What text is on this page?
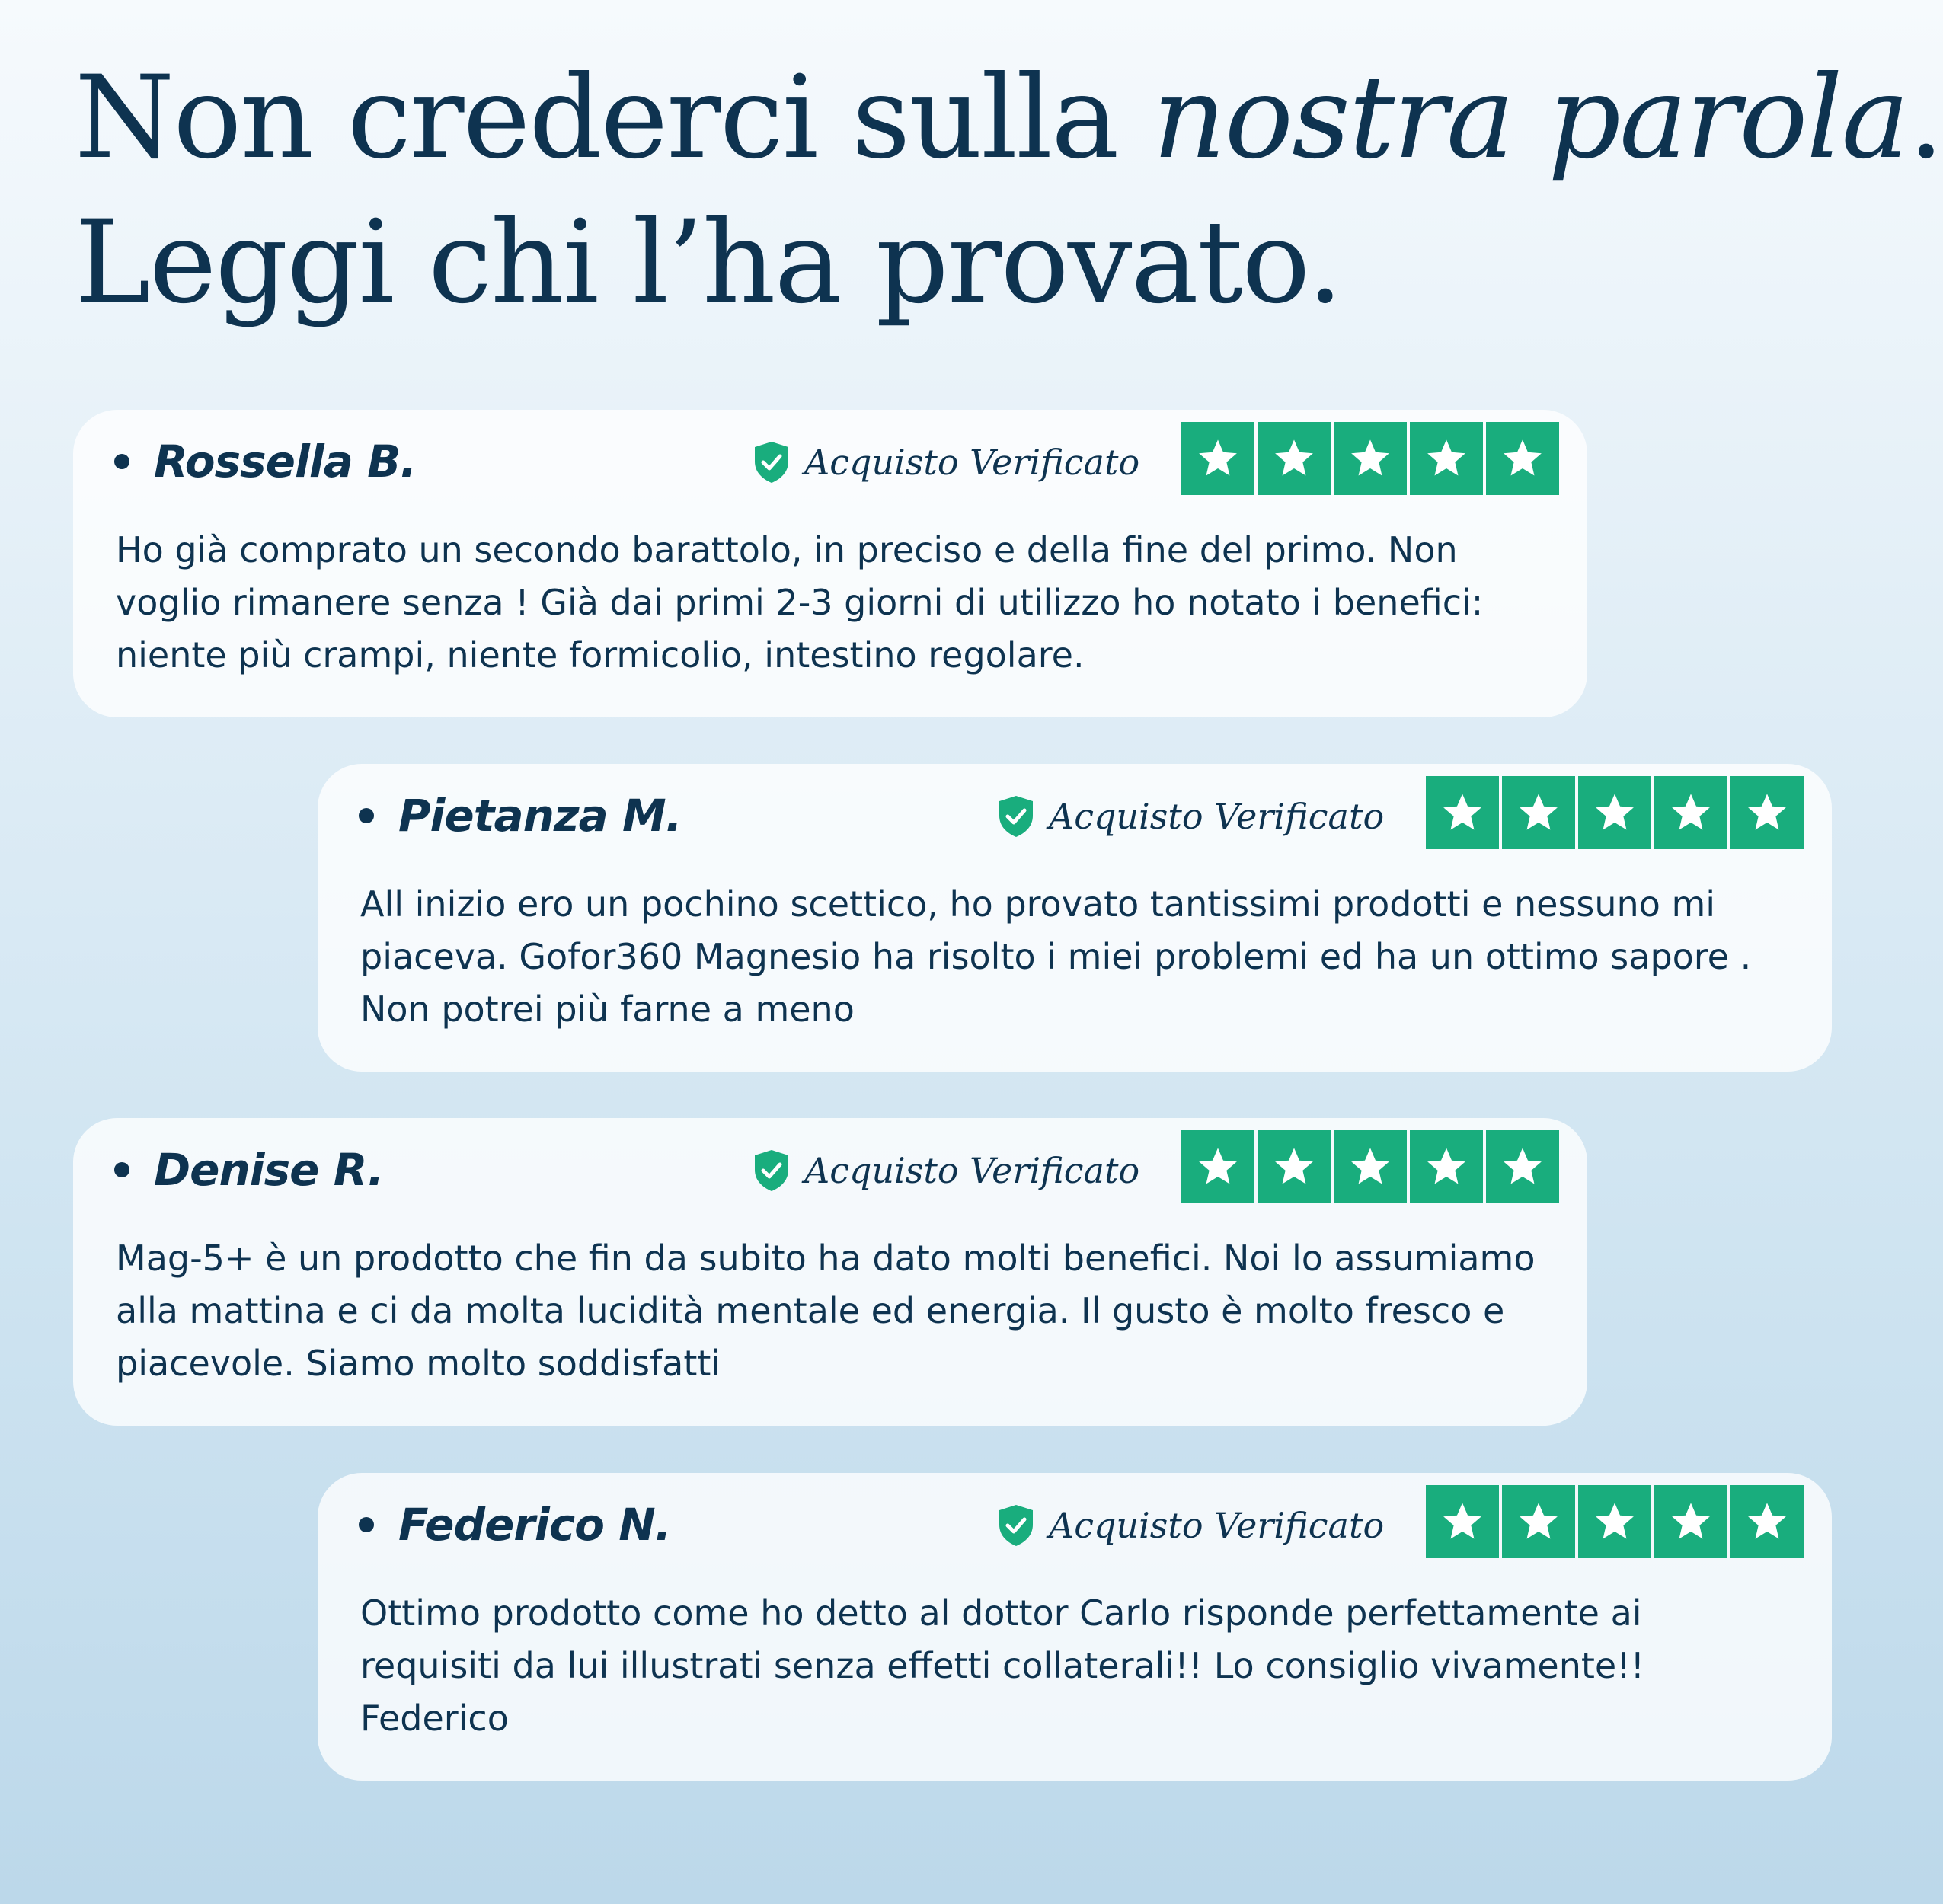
Non crederci sulla nostra parola.
Leggi chi l’ha provato.
Rossella B.	Acquisto Verificato

Ho già comprato un secondo barattolo, in preciso e della fine del primo. Non voglio rimanere senza ! Già dai primi 2-3 giorni di utilizzo ho notato i benefici: niente più crampi, niente formicolio, intestino regolare.

Pietanza M.	Acquisto Verificato

All inizio ero un pochino scettico, ho provato tantissimi prodotti e nessuno mi piaceva. Gofor360 Magnesio ha risolto i miei problemi ed ha un ottimo sapore . Non potrei più farne a meno

Denise R.	Acquisto Verificato

Mag-5+ è un prodotto che fin da subito ha dato molti benefici. Noi lo assumiamo alla mattina e ci da molta lucidità mentale ed energia. Il gusto è molto fresco e piacevole. Siamo molto soddisfatti

Federico N.	Acquisto Verificato

Ottimo prodotto come ho detto al dottor Carlo risponde perfettamente ai requisiti da lui illustrati senza effetti collaterali!! Lo consiglio vivamente!! Federico
